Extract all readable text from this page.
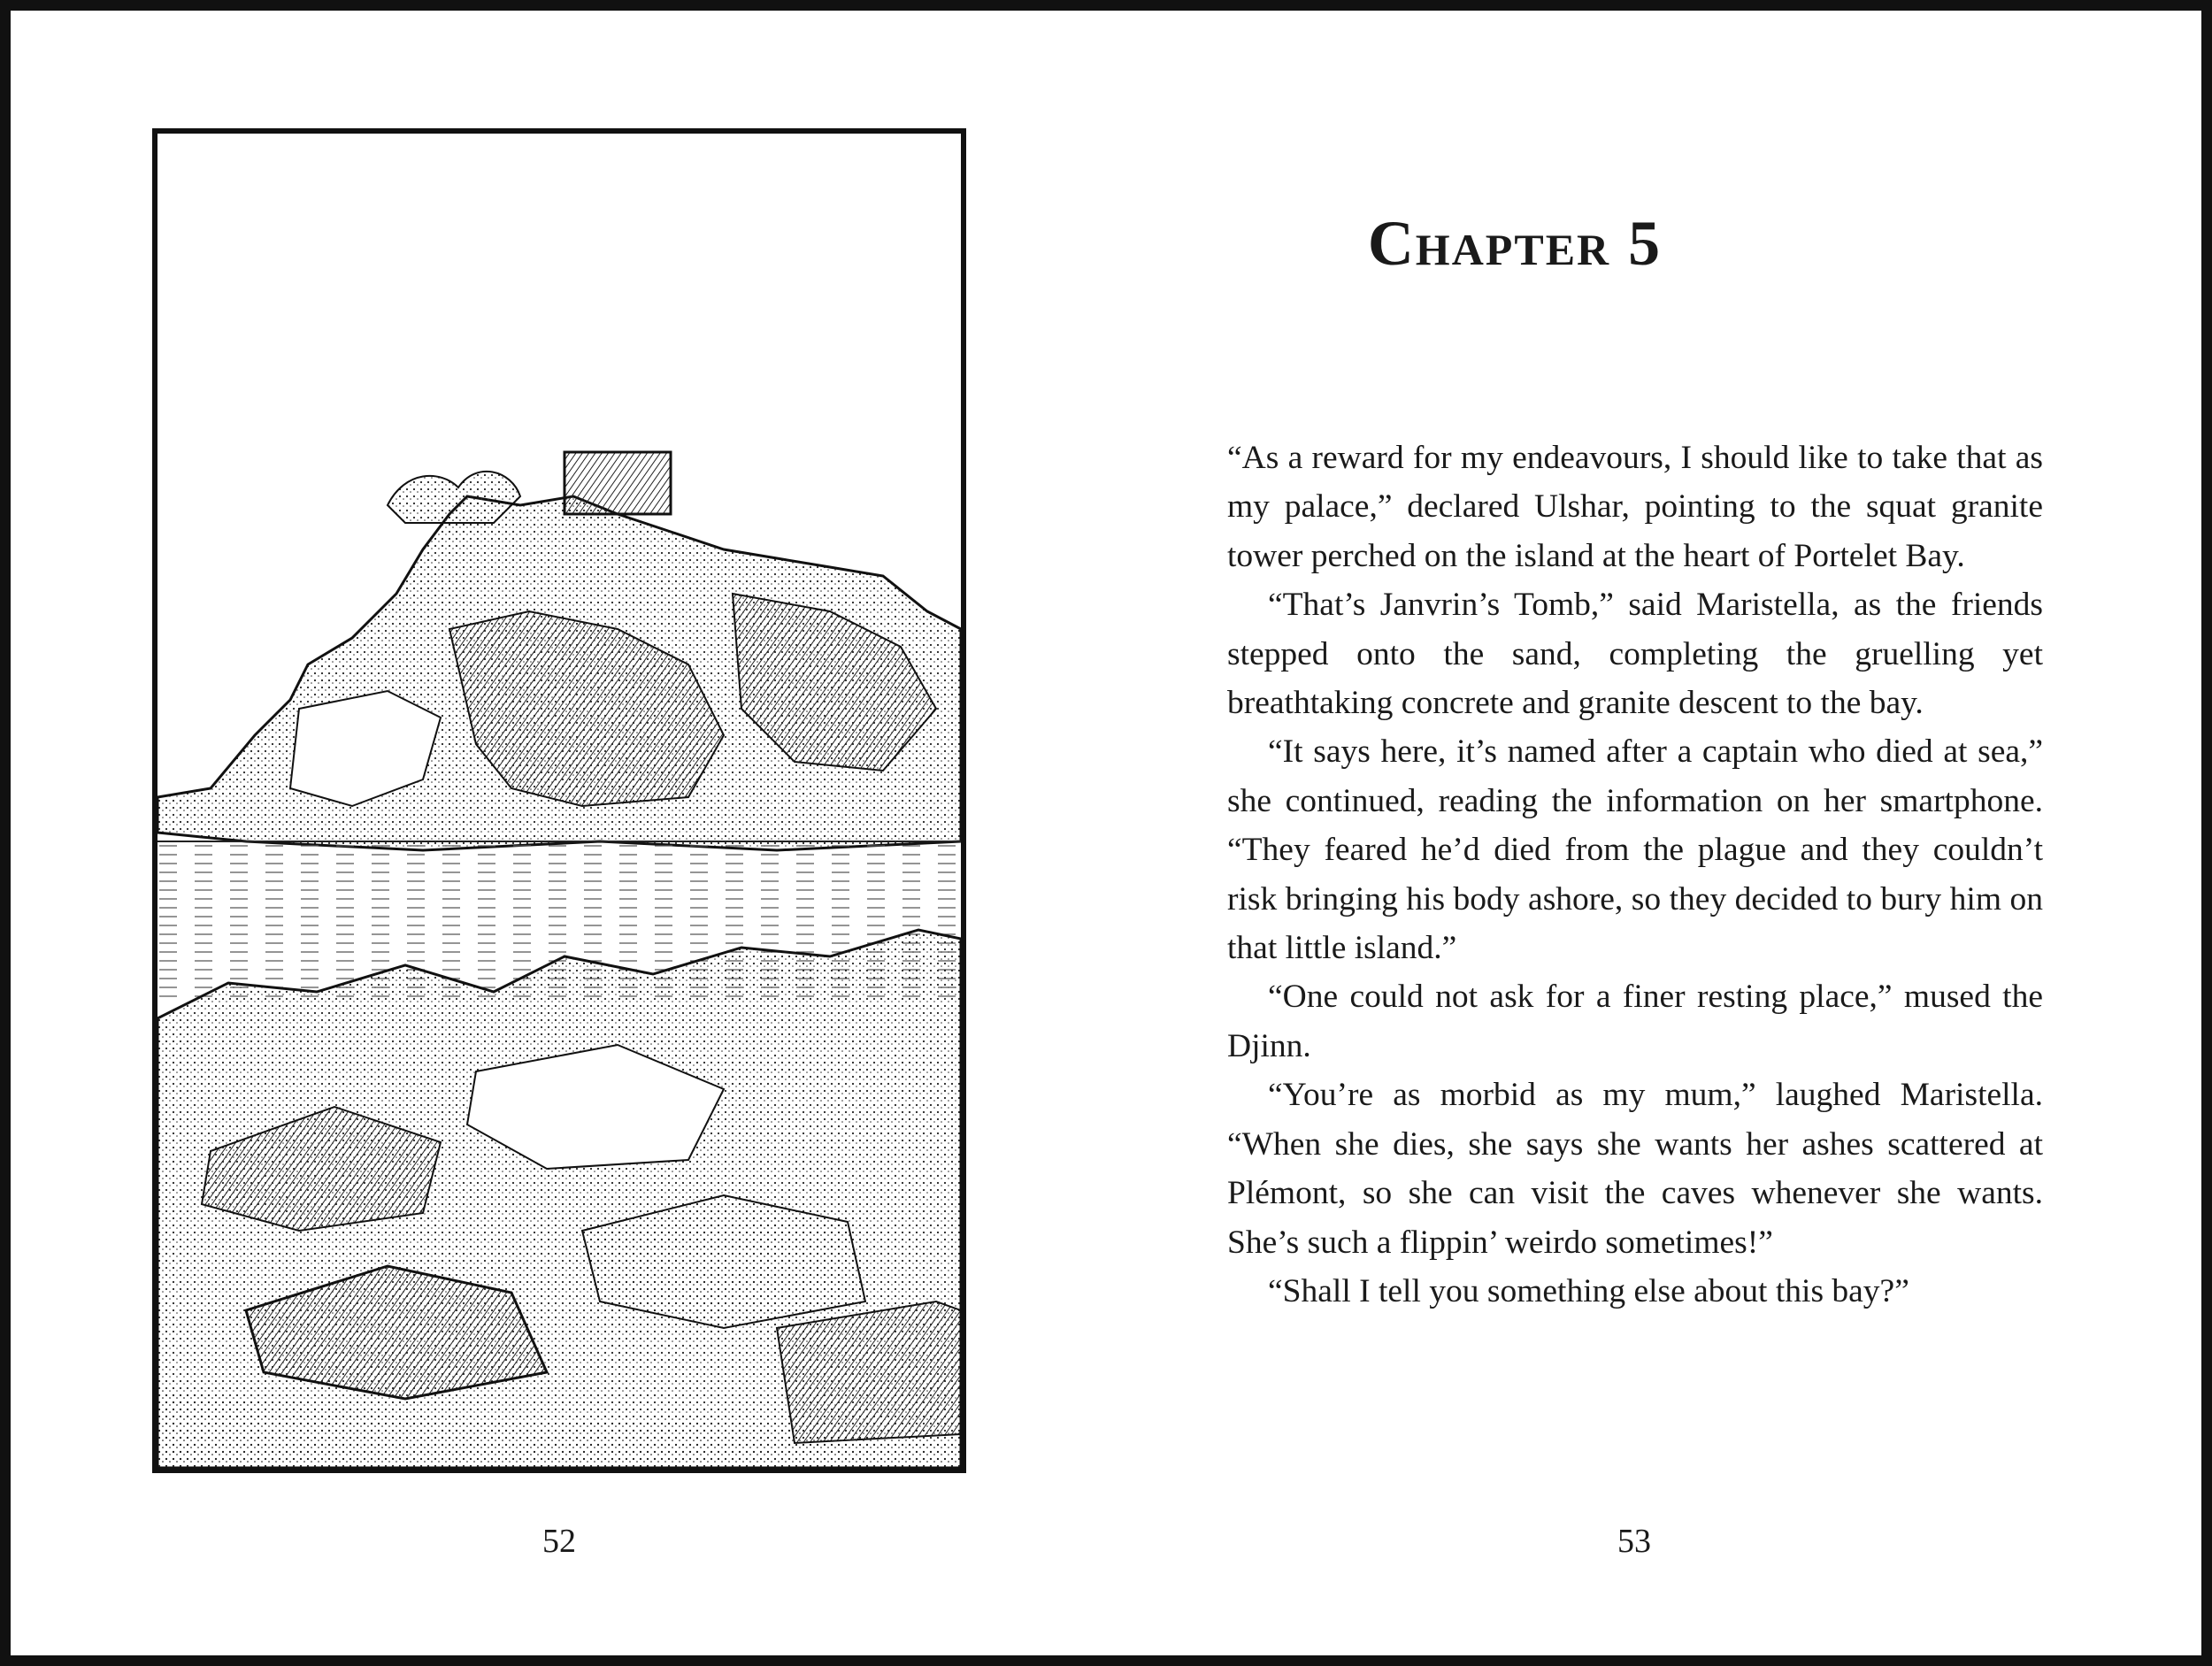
52
Chapter 5

“As a reward for my endeavours, I should like to take that as my palace,” declared Ulshar, pointing to the squat granite tower perched on the island at the heart of Portelet Bay.

“That’s Janvrin’s Tomb,” said Maristella, as the friends stepped onto the sand, completing the gruelling yet breathtaking concrete and granite descent to the bay.

“It says here, it’s named after a captain who died at sea,” she continued, reading the information on her smartphone. “They feared he’d died from the plague and they couldn’t risk bringing his body ashore, so they decided to bury him on that little island.”

“One could not ask for a finer resting place,” mused the Djinn.

“You’re as morbid as my mum,” laughed Maristella. “When she dies, she says she wants her ashes scattered at Plémont, so she can visit the caves whenever she wants. She’s such a flippin’ weirdo sometimes!”

“Shall I tell you something else about this bay?”

53
